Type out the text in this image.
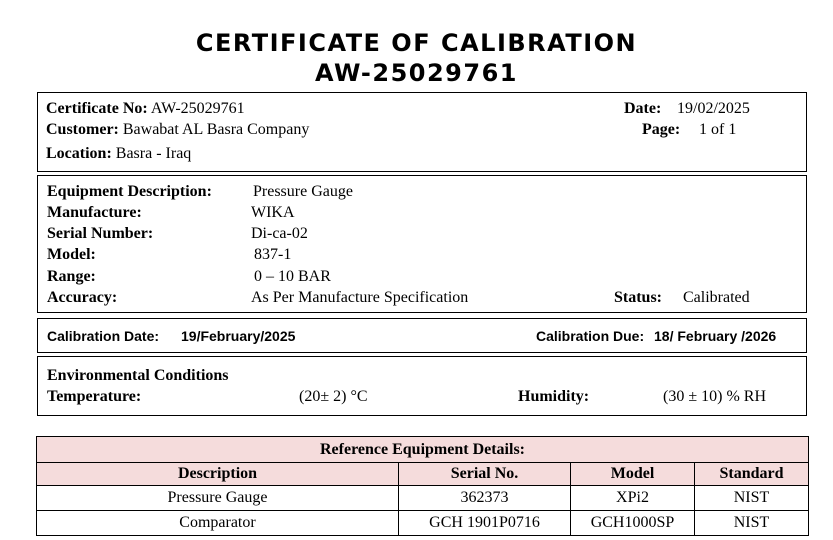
CERTIFICATE OF CALIBRATION
AW-25029761
Certificate No: AW-25029761
Customer: Bawabat AL Basra Company
Location: Basra - Iraq
Date: 19/02/2025
Page: 1 of 1
Equipment Description:	Pressure Gauge
Manufacture:	WIKA
Serial Number:	Di-ca-02
Model:	837-1
Range:	0 – 10 BAR
Accuracy:	As Per Manufacture Specification	Status: Calibrated
Calibration Date: 19/February/2025	Calibration Due: 18/ February /2026
Environmental Conditions
Temperature:	(20± 2) °C	Humidity:	(30 ± 10) % RH
Reference Equipment Details:			
Description	Serial No.	Model	Standard
Pressure Gauge	362373	XPi2	NIST
Comparator	GCH 1901P0716	GCH1000SP	NIST
